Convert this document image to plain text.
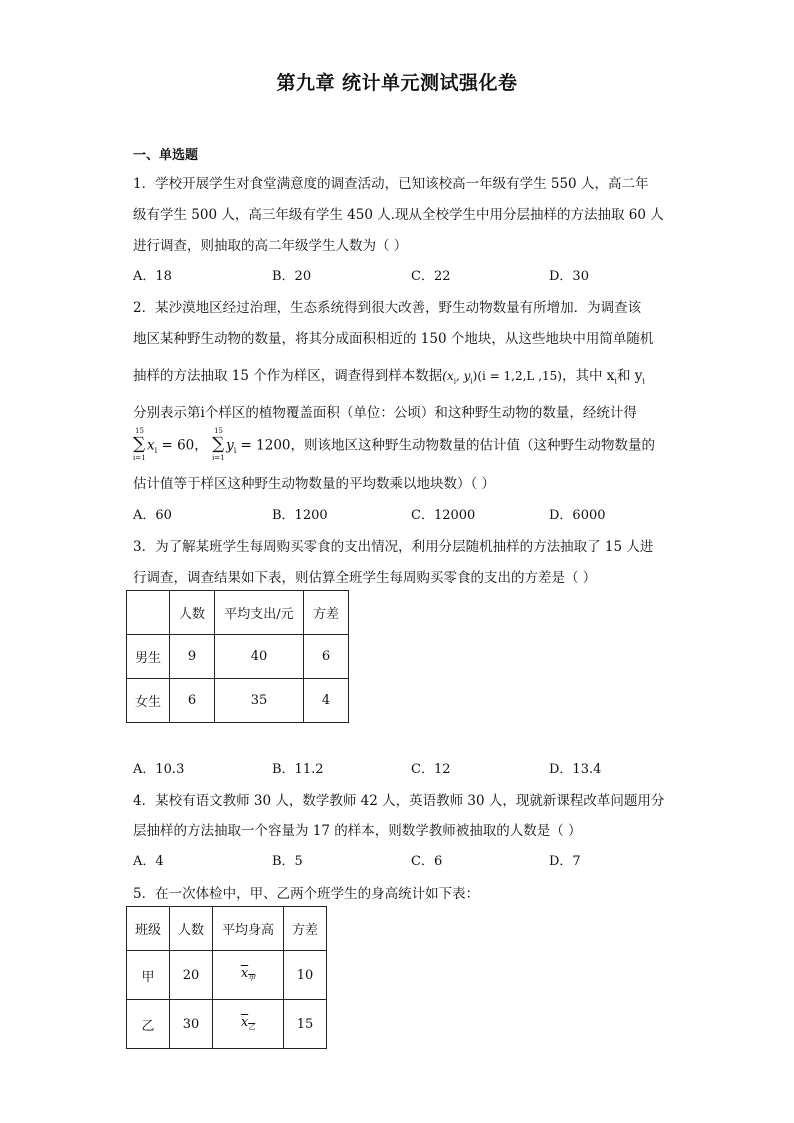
第九章 统计单元测试强化卷
一、单选题
1．学校开展学生对食堂满意度的调查活动，已知该校高一年级有学生 550 人，高二年
级有学生 500 人，高三年级有学生 450 人.现从全校学生中用分层抽样的方法抽取 60 人
进行调查，则抽取的高二年级学生人数为（ ）
A．18	B．20	C．22	D．30
2．某沙漠地区经过治理，生态系统得到很大改善，野生动物数量有所增加．为调查该
地区某种野生动物的数量，将其分成面积相近的 150 个地块，从这些地块中用简单随机
抽样的方法抽取 15 个作为样区，调查得到样本数据($x_i$, $y_i)(i = 1,2,L$ ,15)，其中 $x_i$和 $y_i$
分别表示第i个样区的植物覆盖面积（单位：公顷）和这种野生动物的数量，经统计得
15
∑
i=1
$x_i = 60$，
15
∑
i=1
$y_i = 1200$，则该地区这种野生动物数量的估计值（这种野生动物数量的
估计值等于样区这种野生动物数量的平均数乘以地块数）（ ）
A．60	B．1200	C．12000	D．6000
3．为了解某班学生每周购买零食的支出情况，利用分层随机抽样的方法抽取了 15 人进
行调查，调查结果如下表，则估算全班学生每周购买零食的支出的方差是（ ）
	人数	平均支出/元	方差
男生	9	40	6
女生	6	35	4
A．10.3	B．11.2	C．12	D．13.4
4．某校有语文教师 30 人，数学教师 42 人，英语教师 30 人，现就新课程改革问题用分
层抽样的方法抽取一个容量为 17 的样本，则数学教师被抽取的人数是（ ）
A．4	B．5	C．6	D．7
5．在一次体检中，甲、乙两个班学生的身高统计如下表：
班级	人数	平均身高	方差
甲	20	$x_甲$	10
乙	30	$x_乙$	15
